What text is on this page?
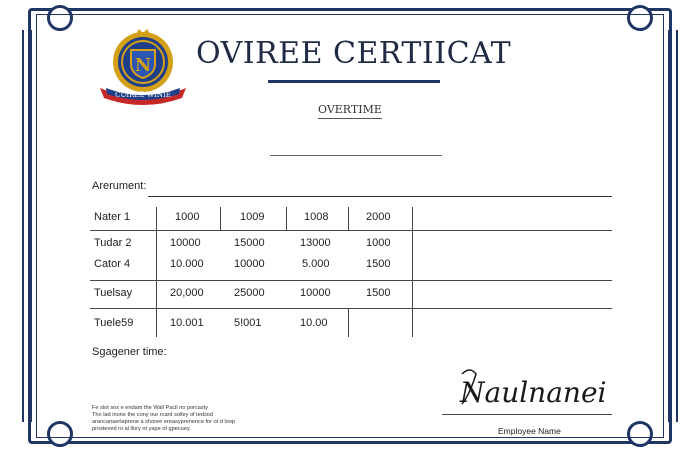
N
CUIREE WINIE
OVIREE CERTIICAT
OVERTIME
Arerument:
Nater 1	1000	1009	1008	2000
Tudar 2	10000	15000	13000	1000
Cator 4	10.000	10000	5.000	1500
Tuelsay	20,000	25000	10000	1500
Tuele59	10.001	5!001	10.00
Sgagener time:
Fe slot sos e endam the Wall Pacil no porcasty
Tho lad inone the cony our rcard solley of tedsod
arancanaerlaprene a shoree ereasyprenence for ot d loop
prosteved ro al llory ot yape of gpecuey.
Naulnanei
Employee Name
